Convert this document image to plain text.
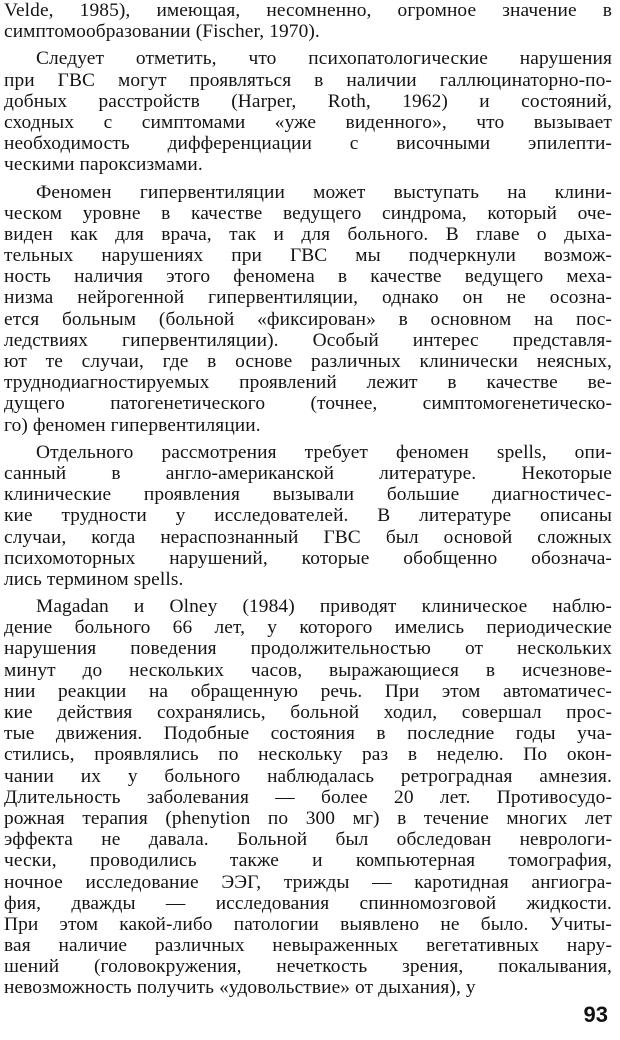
Velde, 1985), имеющая, несомненно, огромное значение в
симптомообразовании (Fischer, 1970).
Следует отметить, что психопатологические нарушения
при ГВС могут проявляться в наличии галлюцинаторно-по-
добных расстройств (Harper, Roth, 1962) и состояний,
сходных с симптомами «уже виденного», что вызывает
необходимость дифференциации с височными эпилепти-
ческими пароксизмами.
Феномен гипервентиляции может выступать на клини-
ческом уровне в качестве ведущего синдрома, который оче-
виден как для врача, так и для больного. В главе о дыха-
тельных нарушениях при ГВС мы подчеркнули возмож-
ность наличия этого феномена в качестве ведущего меха-
низма нейрогенной гипервентиляции, однако он не осозна-
ется больным (больной «фиксирован» в основном на пос-
ледствиях гипервентиляции). Особый интерес представля-
ют те случаи, где в основе различных клинически неясных,
труднодиагностируемых проявлений лежит в качестве ве-
дущего патогенетического (точнее, симптомогенетическо-
го) феномен гипервентиляции.
Отдельного рассмотрения требует феномен spells, опи-
санный в англо-американской литературе. Некоторые
клинические проявления вызывали большие диагностичес-
кие трудности у исследователей. В литературе описаны
случаи, когда нераспознанный ГВС был основой сложных
психомоторных нарушений, которые обобщенно обознача-
лись термином spells.
Magadan и Olney (1984) приводят клиническое наблю-
дение больного 66 лет, у которого имелись периодические
нарушения поведения продолжительностью от нескольких
минут до нескольких часов, выражающиеся в исчезнове-
нии реакции на обращенную речь. При этом автоматичес-
кие действия сохранялись, больной ходил, совершал прос-
тые движения. Подобные состояния в последние годы уча-
стились, проявлялись по нескольку раз в неделю. По окон-
чании их у больного наблюдалась ретроградная амнезия.
Длительность заболевания — более 20 лет. Противосудо-
рожная терапия (phenytion по 300 мг) в течение многих лет
эффекта не давала. Больной был обследован неврологи-
чески, проводились также и компьютерная томография,
ночное исследование ЭЭГ, трижды — каротидная ангиогра-
фия, дважды — исследования спинномозговой жидкости.
При этом какой-либо патологии выявлено не было. Учиты-
вая наличие различных невыраженных вегетативных нару-
шений (головокружения, нечеткость зрения, покалывания,
невозможность получить «удовольствие» от дыхания), у
93
